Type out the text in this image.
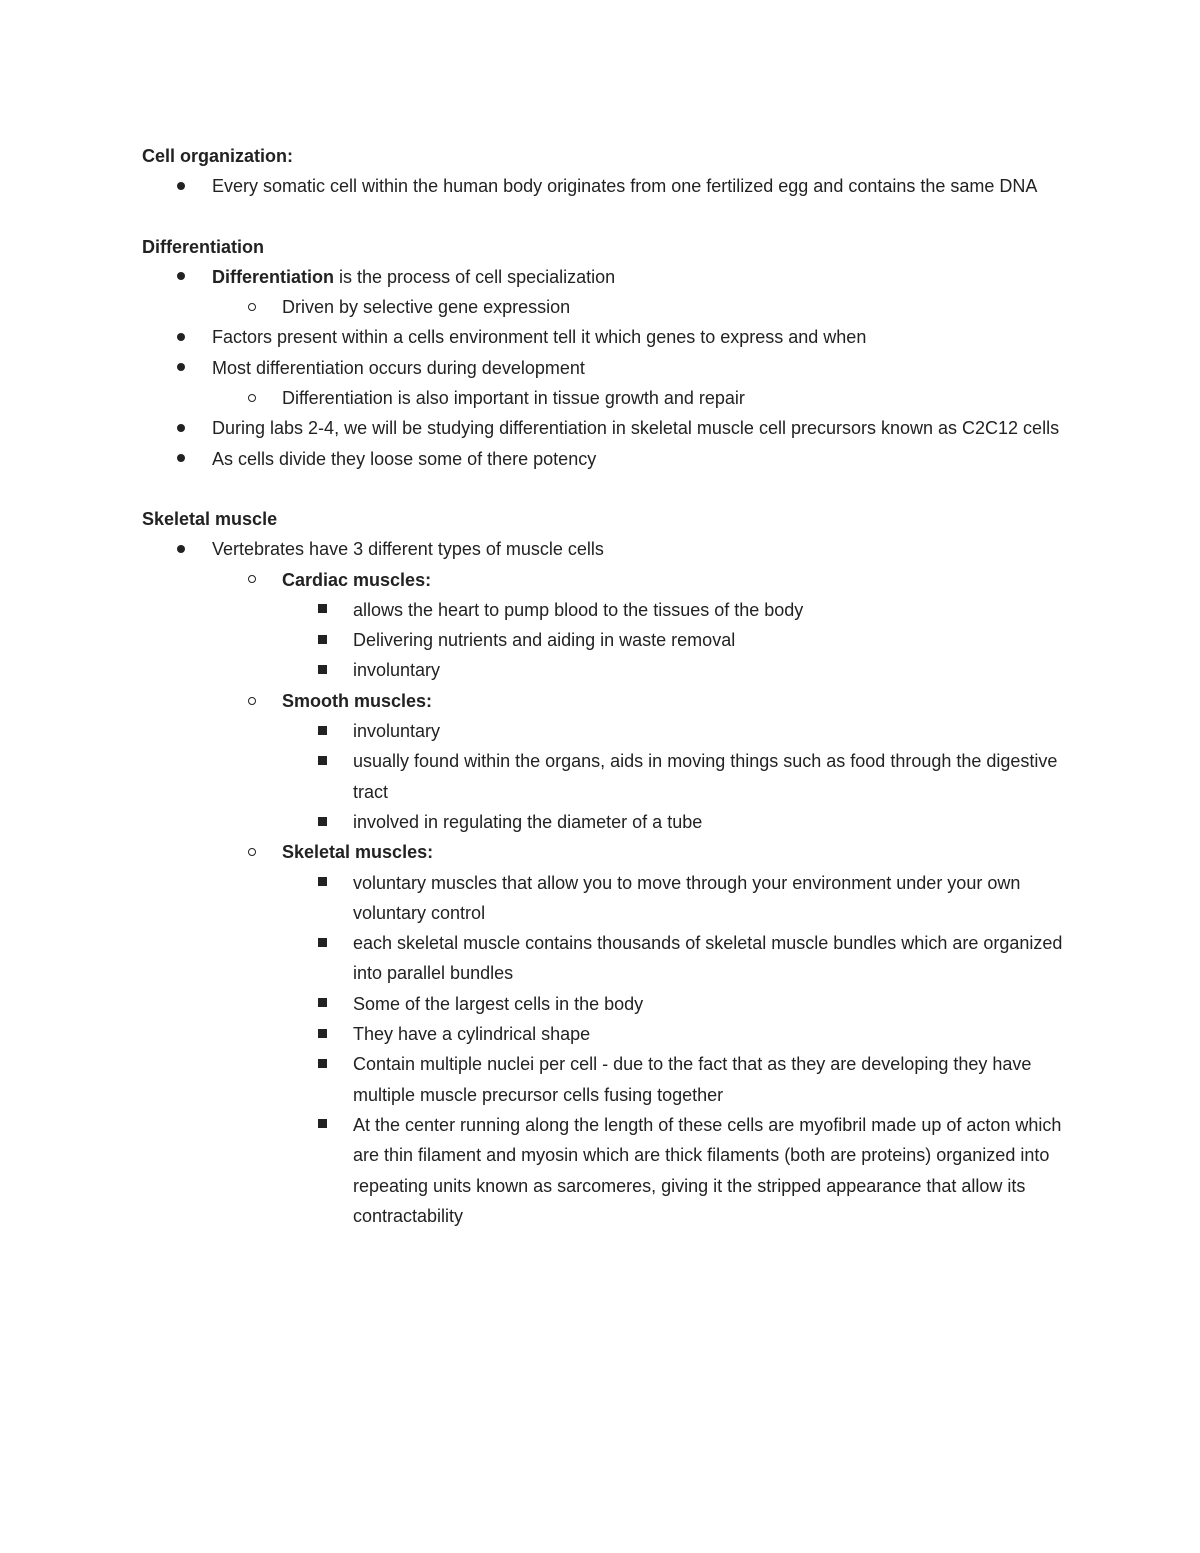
Cell organization:

Every somatic cell within the human body originates from one fertilized egg and contains the same DNA

Differentiation

Differentiation is the process of cell specialization
Driven by selective gene expression
Factors present within a cells environment tell it which genes to express and when
Most differentiation occurs during development
Differentiation is also important in tissue growth and repair
During labs 2-4, we will be studying differentiation in skeletal muscle cell precursors known as C2C12 cells
As cells divide they loose some of there potency

Skeletal muscle

Vertebrates have 3 different types of muscle cells
Cardiac muscles:
allows the heart to pump blood to the tissues of the body
Delivering nutrients and aiding in waste removal
involuntary
Smooth muscles:
involuntary
usually found within the organs, aids in moving things such as food through the digestive tract
involved in regulating the diameter of a tube
Skeletal muscles:
voluntary muscles that allow you to move through your environment under your own voluntary control
each skeletal muscle contains thousands of skeletal muscle bundles which are organized into parallel bundles
Some of the largest cells in the body
They have a cylindrical shape
Contain multiple nuclei per cell - due to the fact that as they are developing they have multiple muscle precursor cells fusing together
At the center running along the length of these cells are myofibril made up of acton which are thin filament and myosin which are thick filaments (both are proteins) organized into repeating units known as sarcomeres, giving it the stripped appearance that allow its contractability
